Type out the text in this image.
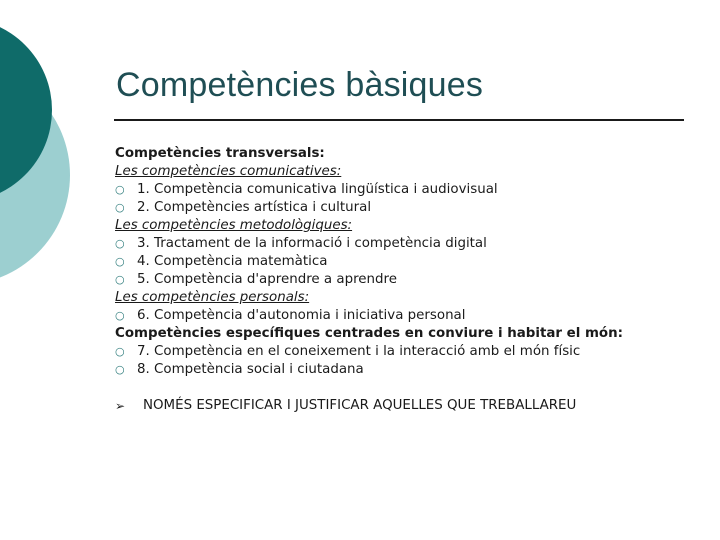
Competències bàsiques
Competències transversals:
Les competències comunicatives:
○ 1. Competència comunicativa lingüística i audiovisual
○ 2. Competències artística i cultural
Les competències metodològiques:
○ 3. Tractament de la informació i competència digital
○ 4. Competència matemàtica
○ 5. Competència d'aprendre a aprendre
Les competències personals:
○ 6. Competència d'autonomia i iniciativa personal
Competències específiques centrades en conviure i habitar el món:
○ 7. Competència en el coneixement i la interacció amb el món físic
○ 8. Competència social i ciutadana
➢	NOMÉS ESPECIFICAR I JUSTIFICAR AQUELLES QUE TREBALLAREU
